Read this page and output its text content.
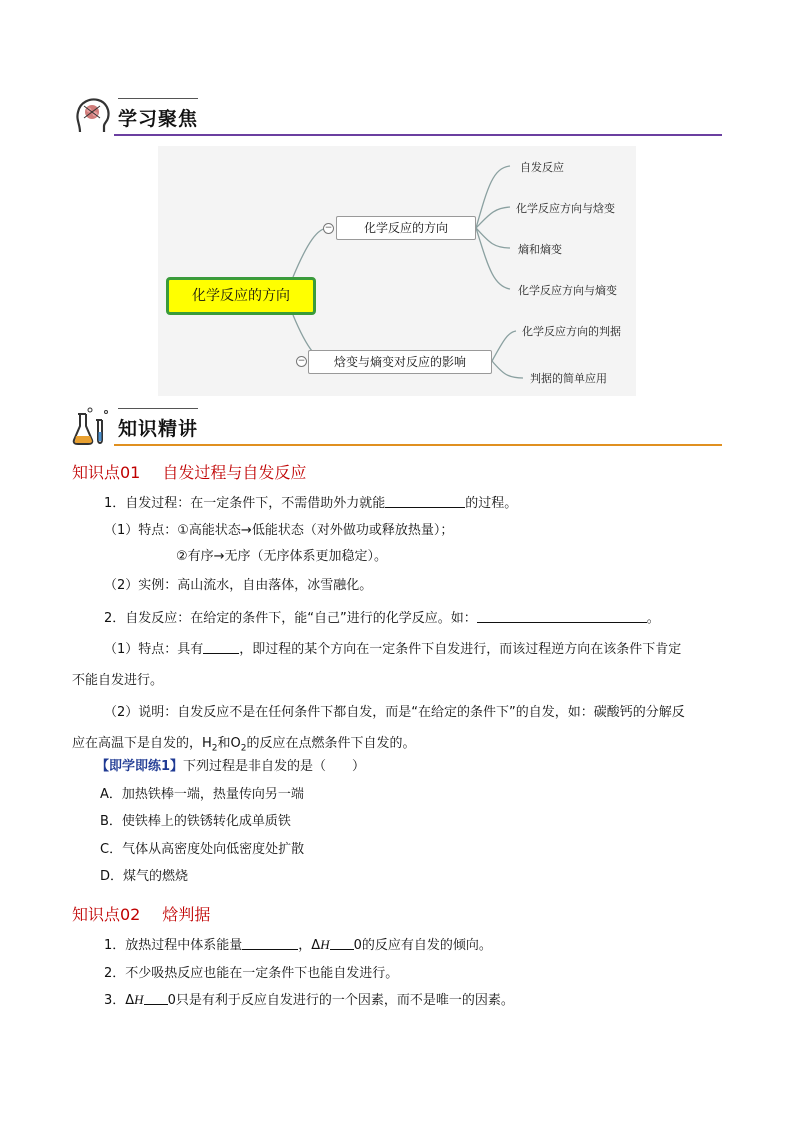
学习聚焦
化学反应的方向
−	化学反应的方向
−	焓变与熵变对反应的影响
自发反应
化学反应方向与焓变
熵和熵变
化学反应方向与熵变
化学反应方向的判据
判据的简单应用
知识精讲
知识点01 自发过程与自发反应
1．自发过程：在一定条件下，不需借助外力就能	的过程。
（1）特点：①高能状态→低能状态（对外做功或释放热量）；
②有序→无序（无序体系更加稳定）。
（2）实例：高山流水，自由落体，冰雪融化。
2．自发反应：在给定的条件下，能“自己”进行的化学反应。如：	。
（1）特点：具有	，即过程的某个方向在一定条件下自发进行，而该过程逆方向在该条件下肯定
不能自发进行。
（2）说明：自发反应不是在任何条件下都自发，而是“在给定的条件下”的自发，如：碳酸钙的分解反
应在高温下是自发的，$H_2$和$O_2$的反应在点燃条件下自发的。
【即学即练1】下列过程是非自发的是（　　）
A．加热铁棒一端，热量传向另一端
B．使铁棒上的铁锈转化成单质铁
C．气体从高密度处向低密度处扩散
D．煤气的燃烧
知识点02 焓判据
1．放热过程中体系能量	，ΔH 0的反应有自发的倾向。
2．不少吸热反应也能在一定条件下也能自发进行。
3．ΔH 0只是有利于反应自发进行的一个因素，而不是唯一的因素。
